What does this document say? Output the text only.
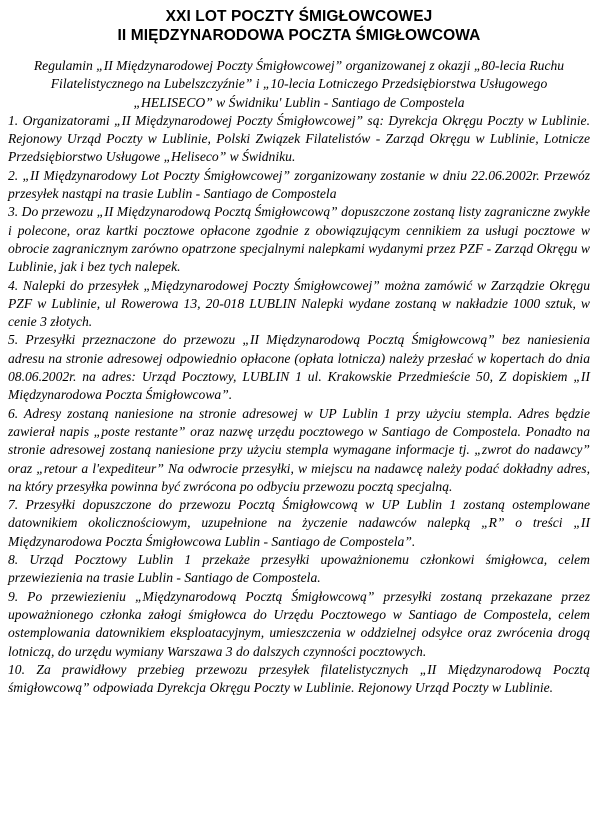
XXI LOT POCZTY ŚMIGŁOWCOWEJ
II MIĘDZYNARODOWA POCZTA ŚMIGŁOWCOWA

Regulamin „II Międzynarodowej Poczty Śmigłowcowej” organizowanej z okazji „80-lecia Ruchu Filatelistycznego na Lubelszczyźnie” i „10-lecia Lotniczego Przedsiębiorstwa Usługowego „HELISECO” w Świdniku' Lublin - Santiago de Compostela

1. Organizatorami „II Międzynarodowej Poczty Śmigłowcowej” są: Dyrekcja Okręgu Poczty w Lublinie. Rejonowy Urząd Poczty w Lublinie, Polski Związek Filatelistów - Zarząd Okręgu w Lublinie, Lotnicze Przedsiębiorstwo Usługowe „Heliseco” w Świdniku.

2. „II Międzynarodowy Lot Poczty Śmigłowcowej” zorganizowany zostanie w dniu 22.06.2002r. Przewóz przesyłek nastąpi na trasie Lublin - Santiago de Compostela

3. Do przewozu „II Międzynarodową Pocztą Śmigłowcową” dopuszczone zostaną listy zagraniczne zwykłe i polecone, oraz kartki pocztowe opłacone zgodnie z obowiązującym cennikiem za usługi pocztowe w obrocie zagranicznym zarówno opatrzone specjalnymi nalepkami wydanymi przez PZF - Zarząd Okręgu w Lublinie, jak i bez tych nalepek.

4. Nalepki do przesyłek „Międzynarodowej Poczty Śmigłowcowej” można zamówić w Zarządzie Okręgu PZF w Lublinie, ul Rowerowa 13, 20-018 LUBLIN Nalepki wydane zostaną w nakładzie 1000 sztuk, w cenie 3 złotych.

5. Przesyłki przeznaczone do przewozu „II Międzynarodową Pocztą Śmigłowcową” bez naniesienia adresu na stronie adresowej odpowiednio opłacone (opłata lotnicza) należy przesłać w kopertach do dnia 08.06.2002r. na adres: Urząd Pocztowy, LUBLIN 1 ul. Krakowskie Przedmieście 50, Z dopiskiem „II Międzynarodowa Poczta Śmigłowcowa”.

6. Adresy zostaną naniesione na stronie adresowej w UP Lublin 1 przy użyciu stempla. Adres będzie zawierał napis „poste restante” oraz nazwę urzędu pocztowego w Santiago de Compostela. Ponadto na stronie adresowej zostaną naniesione przy użyciu stempla wymagane informacje tj. „zwrot do nadawcy” oraz „retour a l'expediteur” Na odwrocie przesyłki, w miejscu na nadawcę należy podać dokładny adres, na który przesyłka powinna być zwrócona po odbyciu przewozu pocztą specjalną.

7. Przesyłki dopuszczone do przewozu Pocztą Śmigłowcową w UP Lublin 1 zostaną ostemplowane datownikiem okolicznościowym, uzupełnione na życzenie nadawców nalepką „R” o treści „II Międzynarodowa Poczta Śmigłowcowa Lublin - Santiago de Compostela”.

8. Urząd Pocztowy Lublin 1 przekaże przesyłki upoważnionemu członkowi śmigłowca, celem przewiezienia na trasie Lublin - Santiago de Compostela.

9. Po przewiezieniu „Międzynarodową Pocztą Śmigłowcową” przesyłki zostaną przekazane przez upoważnionego członka załogi śmigłowca do Urzędu Pocztowego w Santiago de Compostela, celem ostemplowania datownikiem eksploatacyjnym, umieszczenia w oddzielnej odsyłce oraz zwrócenia drogą lotniczą, do urzędu wymiany Warszawa 3 do dalszych czynności pocztowych.

10. Za prawidłowy przebieg przewozu przesyłek filatelistycznych „II Międzynarodową Pocztą śmigłowcową” odpowiada Dyrekcja Okręgu Poczty w Lublinie. Rejonowy Urząd Poczty w Lublinie.
